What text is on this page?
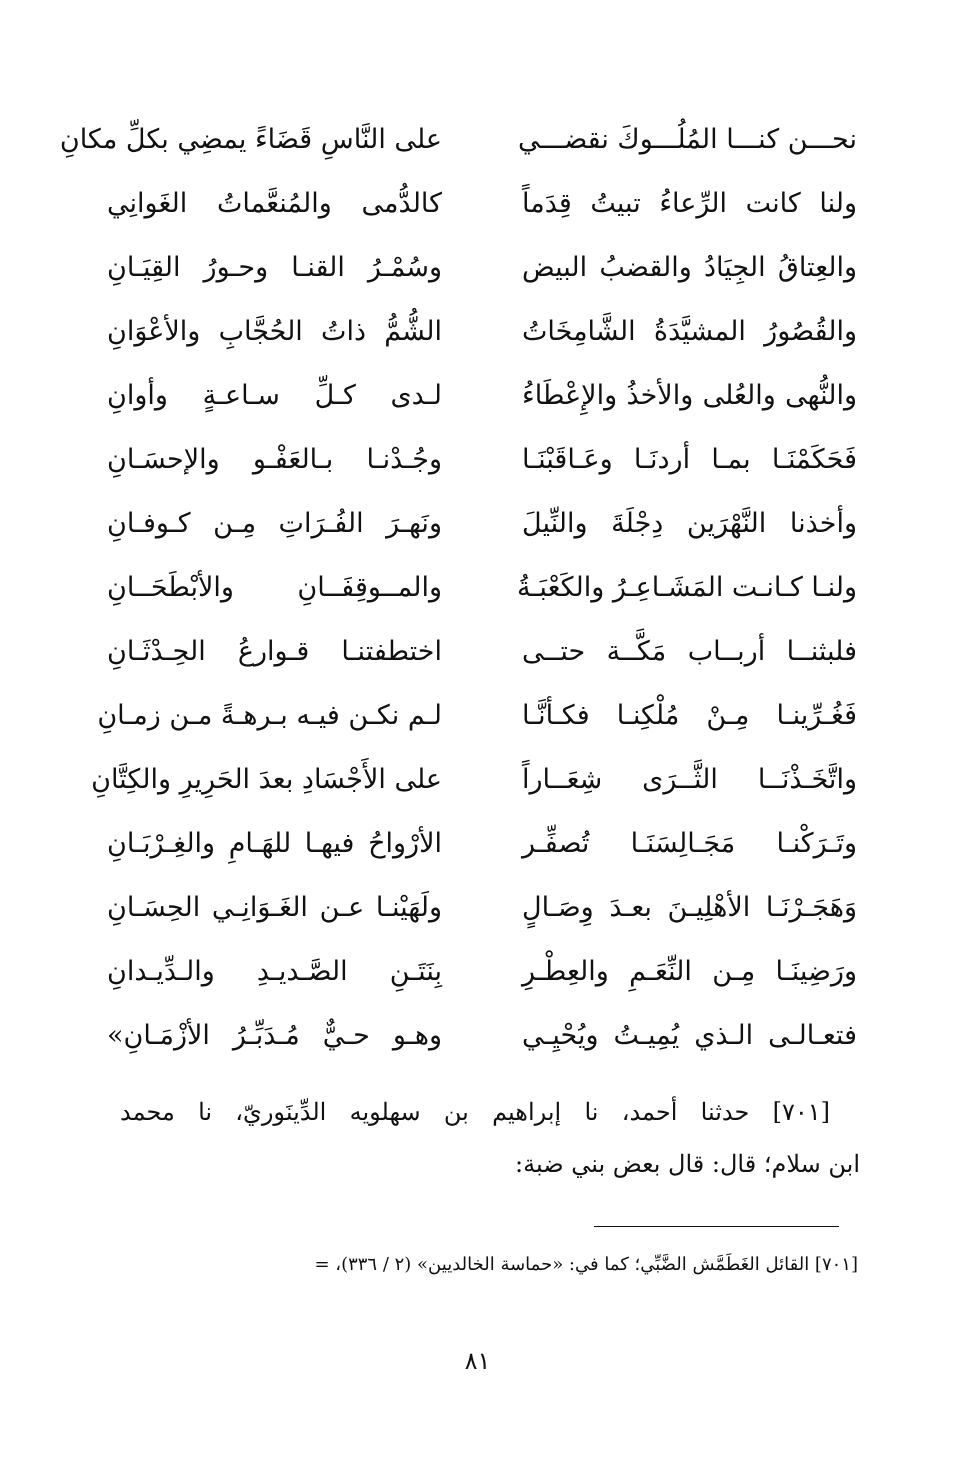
نحـــن كنـــا المُلُـــوكَ نقضـــي
على النَّاسِ قَضَاءً يمضِي بكلِّ مكانِ
ولنا كانت الرِّعاءُ تبيتُ قِدَماً
كالدُّمى والمُنعَّماتُ الغَوانِي
والعِتاقُ الجِيَادُ والقضبُ البيض
وسُمْـرُ القنـا وحـورُ القِيَـانِ
والقُصُورُ المشيَّدَةُ الشَّامِخَاتُ
الشُّمُّ ذاتُ الحُجَّابِ والأعْوَانِ
والنُّهى والعُلى والأخذُ والإِعْطَاءُ
لـدى كـلِّ سـاعـةٍ وأوانِ
فَحَكَمْنَـا بمـا أردنَـا وعَـاقَبْنَـا
وجُـدْنـا بـالعَفْـو والإحسَـانِ
وأخذنا النَّهْرَين دِجْلَةَ والنِّيلَ
ونَهـرَ الفُـرَاتِ مِـن كـوفـانِ
ولنـا كـانـت المَشَـاعِـرُ والكَعْبَـةُ
والمــوقِفَــانِ والأبْطَحَــانِ
فلبثنــا أربــاب مَكَّــة حتــى
اختطفتنـا قـوارعُ الحِـدْثَـانِ
فَغُـرِّينـا مِـنْ مُلْكِنـا فكـأنَّـا
لـم نكـن فيـه بـرهـةً مـن زمـانِ
واتَّخَـذْنَــا الثَّــرَى شِعَــاراً
على الأَجْسَادِ بعدَ الحَرِيرِ والكِتَّانِ
وتَـرَكْنـا مَجَـالِسَنَـا تُصفِّـر
الأرْواحُ فيهـا للهَـامِ والغِـرْبَـانِ
وَهَجَـرْنَـا الأهْلِيـنَ بعـدَ وِصَـالٍ
ولَهَيْنـا عـن الغَـوَانِـي الحِسَـانِ
ورَضِينَـا مِـن النِّعَـمِ والعِطْـرِ
بِنَتَـنِ الصَّـديـدِ والـدِّيـدانِ
فتعـالـى الـذي يُمِيـتُ ويُحْيِـي
وهـو حـيٌّ مُـدَبِّـرُ الأزْمَـانِ»
[٧٠١] حدثنا أحمد، نا إبراهيم بن سهلويه الدِّينَوريّ، نا محمد
ابن سلام؛ قال: قال بعض بني ضبة:
[٧٠١] القائل الغَطَمَّش الضَّبِّي؛ كما في: «حماسة الخالديين» (٢ / ٣٣٦)، =
٨١
